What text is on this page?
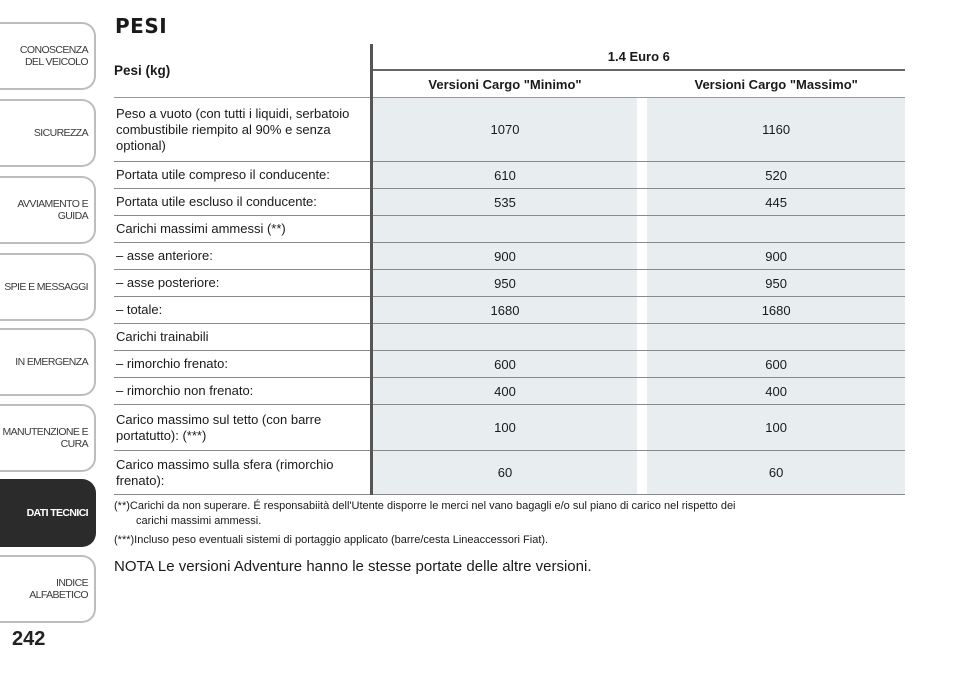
CONOSCENZA DEL VEICOLO
SICUREZZA
AVVIAMENTO E GUIDA
SPIE E MESSAGGI
IN EMERGENZA
MANUTENZIONE E CURA
DATI TECNICI
INDICE ALFABETICO
242
PESI
Pesi (kg)	1.4 Euro 6		
	Versioni Cargo "Minimo"		Versioni Cargo "Massimo"
Peso a vuoto (con tutti i liquidi, serbatoio combustibile riempito al 90% e senza optional)	1070		1160
Portata utile compreso il conducente:	610		520
Portata utile escluso il conducente:	535		445
Carichi massimi ammessi (**)			
– asse anteriore:	900		900
– asse posteriore:	950		950
– totale:	1680		1680
Carichi trainabili			
– rimorchio frenato:	600		600
– rimorchio non frenato:	400		400
Carico massimo sul tetto (con barre portatutto): (***)	100		100
Carico massimo sulla sfera (rimorchio frenato):	60		60

(**)Carichi da non superare. É responsabiità dell'Utente disporre le merci nel vano bagagli e/o sul piano di carico nel rispetto dei
carichi massimi ammessi.

(***)Incluso peso eventuali sistemi di portaggio applicato (barre/cesta Lineaccessori Fiat).

NOTA Le versioni Adventure hanno le stesse portate delle altre versioni.
